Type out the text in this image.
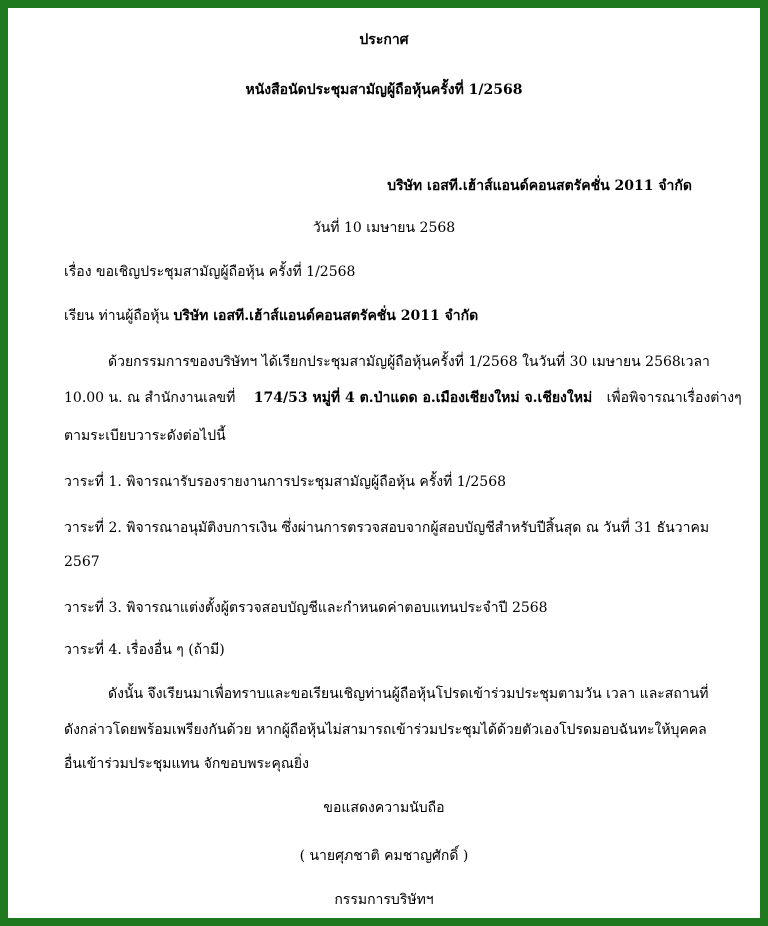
ประกาศ
หนังสือนัดประชุมสามัญผู้ถือหุ้นครั้งที่ 1/2568
บริษัท เอสที.เฮ้าส์แอนด์คอนสตรัคชั่น 2011 จำกัด
วันที่ 10 เมษายน 2568
เรื่อง ขอเชิญประชุมสามัญผู้ถือหุ้น ครั้งที่ 1/2568
เรียน ท่านผู้ถือหุ้น บริษัท เอสที.เฮ้าส์แอนด์คอนสตรัคชั่น 2011 จำกัด
ด้วยกรรมการของบริษัทฯ ได้เรียกประชุมสามัญผู้ถือหุ้นครั้งที่ 1/2568 ในวันที่ 30 เมษายน 2568เวลา
10.00 น. ณ สำนักงานเลขที่ 174/53 หมู่ที่ 4 ต.ป่าแดด อ.เมืองเชียงใหม่ จ.เชียงใหม่ เพื่อพิจารณาเรื่องต่างๆ
ตามระเบียบวาระดังต่อไปนี้
วาระที่ 1. พิจารณารับรองรายงานการประชุมสามัญผู้ถือหุ้น ครั้งที่ 1/2568
วาระที่ 2. พิจารณาอนุมัติงบการเงิน ซึ่งผ่านการตรวจสอบจากผู้สอบบัญชีสำหรับปีสิ้นสุด ณ วันที่ 31 ธันวาคม
2567
วาระที่ 3. พิจารณาแต่งตั้งผู้ตรวจสอบบัญชีและกำหนดค่าตอบแทนประจำปี 2568
วาระที่ 4. เรื่องอื่น ๆ (ถ้ามี)
ดังนั้น จึงเรียนมาเพื่อทราบและขอเรียนเชิญท่านผู้ถือหุ้นโปรดเข้าร่วมประชุมตามวัน เวลา และสถานที่
ดังกล่าวโดยพร้อมเพรียงกันด้วย หากผู้ถือหุ้นไม่สามารถเข้าร่วมประชุมได้ด้วยตัวเองโปรดมอบฉันทะให้บุคคล
อื่นเข้าร่วมประชุมแทน จักขอบพระคุณยิ่ง
ขอแสดงความนับถือ
( นายศุภชาติ คมชาญศักดิ์ )
กรรมการบริษัทฯ
